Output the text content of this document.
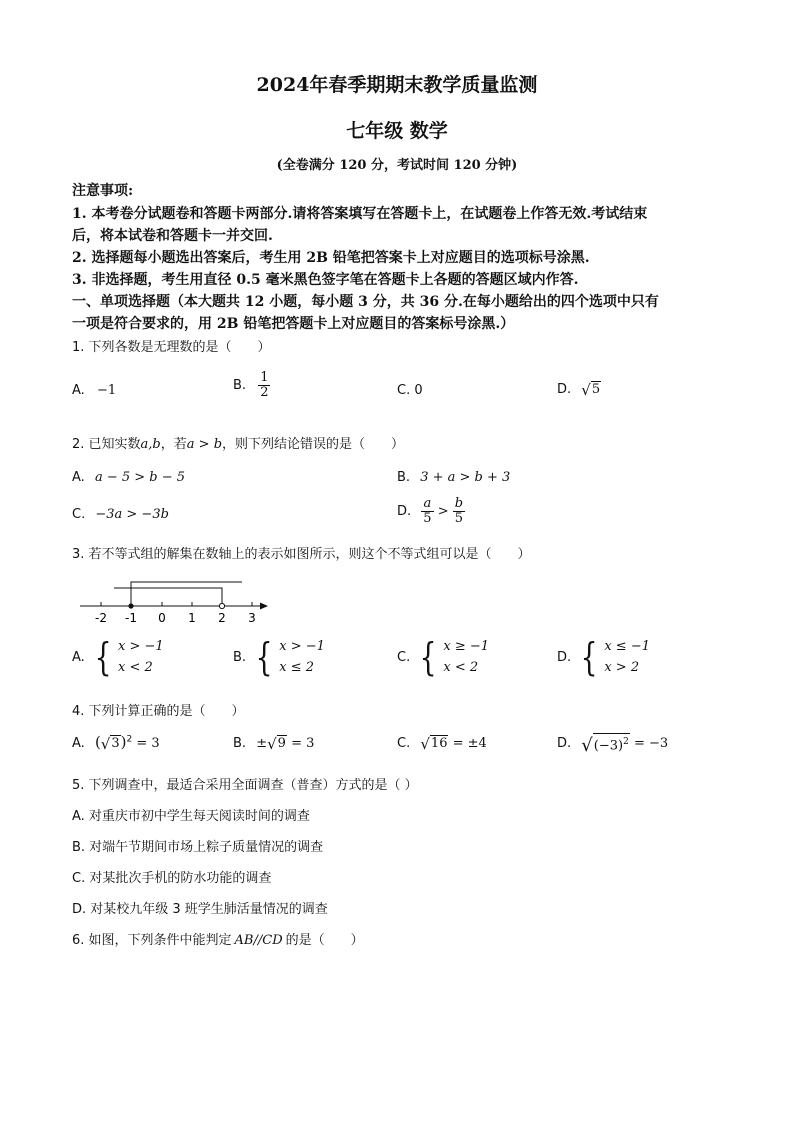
2024年春季期期末教学质量监测
七年级 数学
(全卷满分 120 分，考试时间 120 分钟)
注意事项:
1. 本考卷分试题卷和答题卡两部分.请将答案填写在答题卡上，在试题卷上作答无效.考试结束
后，将本试卷和答题卡一并交回.
2. 选择题每小题选出答案后，考生用 2B 铅笔把答案卡上对应题目的选项标号涂黑.
3. 非选择题，考生用直径 0.5 毫米黑色签字笔在答题卡上各题的答题区域内作答.
一、单项选择题（本大题共 12 小题，每小题 3 分，共 36 分.在每小题给出的四个选项中只有
一项是符合要求的，用 2B 铅笔把答题卡上对应题目的答案标号涂黑.）
1. 下列各数是无理数的是（　　）
A. −1	B. $\frac{1}{2}$	C. 0	D. √ 5
2. 已知实数a,b，若a > b，则下列结论错误的是（　　）
A. a − 5 > b − 5	B. 3 + a > b + 3
C. −3a > −3b	D. $\frac{a}{5} > \frac{b}{5}$
3. 若不等式组的解集在数轴上的表示如图所示，则这个不等式组可以是（　　）
-2 -1 0 1 2 3
A. { x > −1
x < 2
B. { x > −1
x ≤ 2
C. { x ≥ −1
x < 2
D. { x ≤ −1
x > 2
4. 下列计算正确的是（　　）
A. ( √ 3 )$^2$ = 3	B. ± √ 9 = 3	C. √ 16 = ±4	D. √ $(-3)^2 = -3$
5. 下列调查中，最适合采用全面调查（普查）方式的是（ ）
A. 对重庆市初中学生每天阅读时间的调查
B. 对端午节期间市场上粽子质量情况的调查
C. 对某批次手机的防水功能的调查
D. 对某校九年级 3 班学生肺活量情况的调查
6. 如图，下列条件中能判定 AB//CD 的是（　　）
